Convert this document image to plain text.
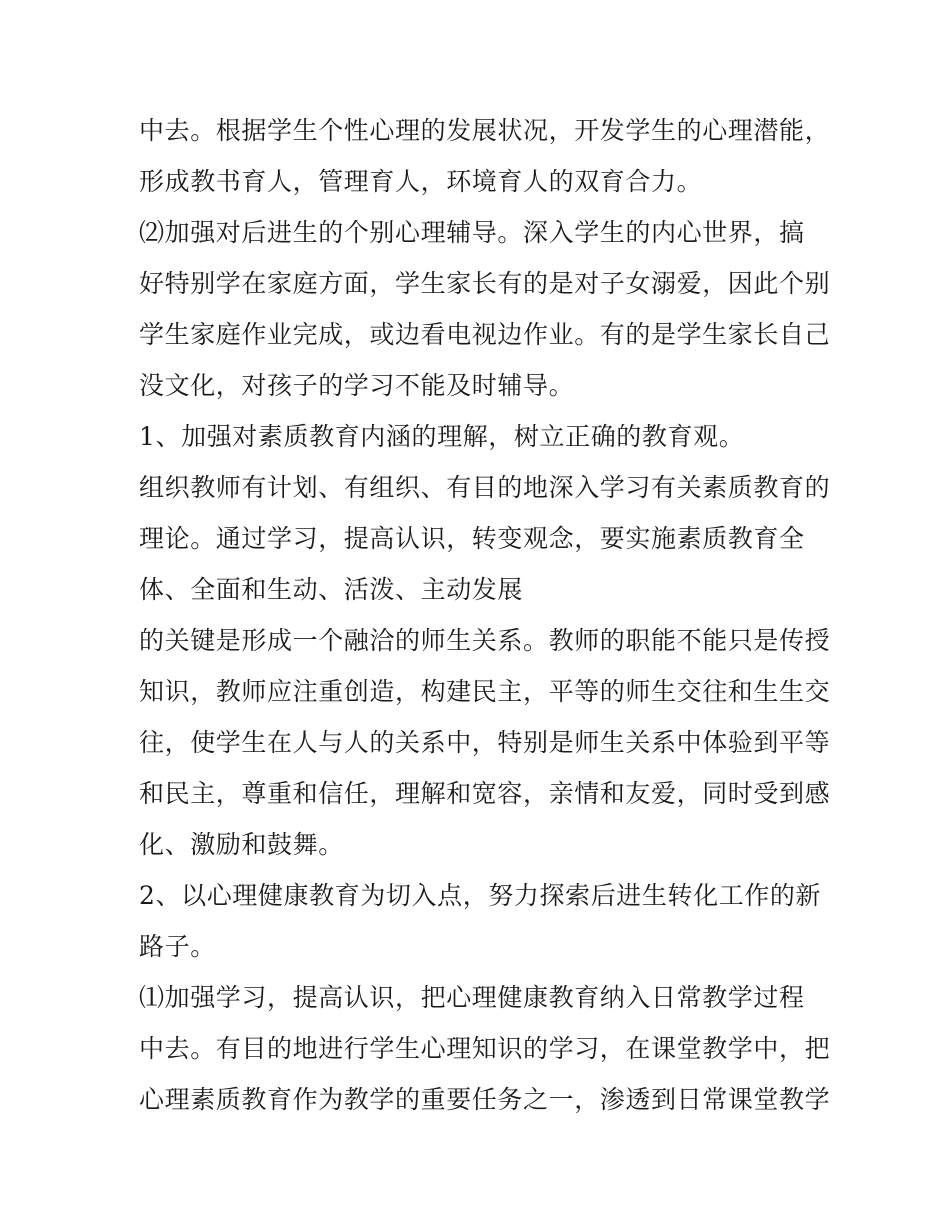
中去。根据学生个性心理的发展状况，开发学生的心理潜能，
形成教书育人，管理育人，环境育人的双育合力。
⑵加强对后进生的个别心理辅导。深入学生的内心世界，搞
好特别学在家庭方面，学生家长有的是对子女溺爱，因此个别
学生家庭作业完成，或边看电视边作业。有的是学生家长自己
没文化，对孩子的学习不能及时辅导。
1、加强对素质教育内涵的理解，树立正确的教育观。
组织教师有计划、有组织、有目的地深入学习有关素质教育的
理论。通过学习，提高认识，转变观念，要实施素质教育全
体、全面和生动、活泼、主动发展
的关键是形成一个融洽的师生关系。教师的职能不能只是传授
知识，教师应注重创造，构建民主，平等的师生交往和生生交
往，使学生在人与人的关系中，特别是师生关系中体验到平等
和民主，尊重和信任，理解和宽容，亲情和友爱，同时受到感
化、激励和鼓舞。
2、以心理健康教育为切入点，努力探索后进生转化工作的新
路子。
⑴加强学习，提高认识，把心理健康教育纳入日常教学过程
中去。有目的地进行学生心理知识的学习，在课堂教学中，把
心理素质教育作为教学的重要任务之一，渗透到日常课堂教学
